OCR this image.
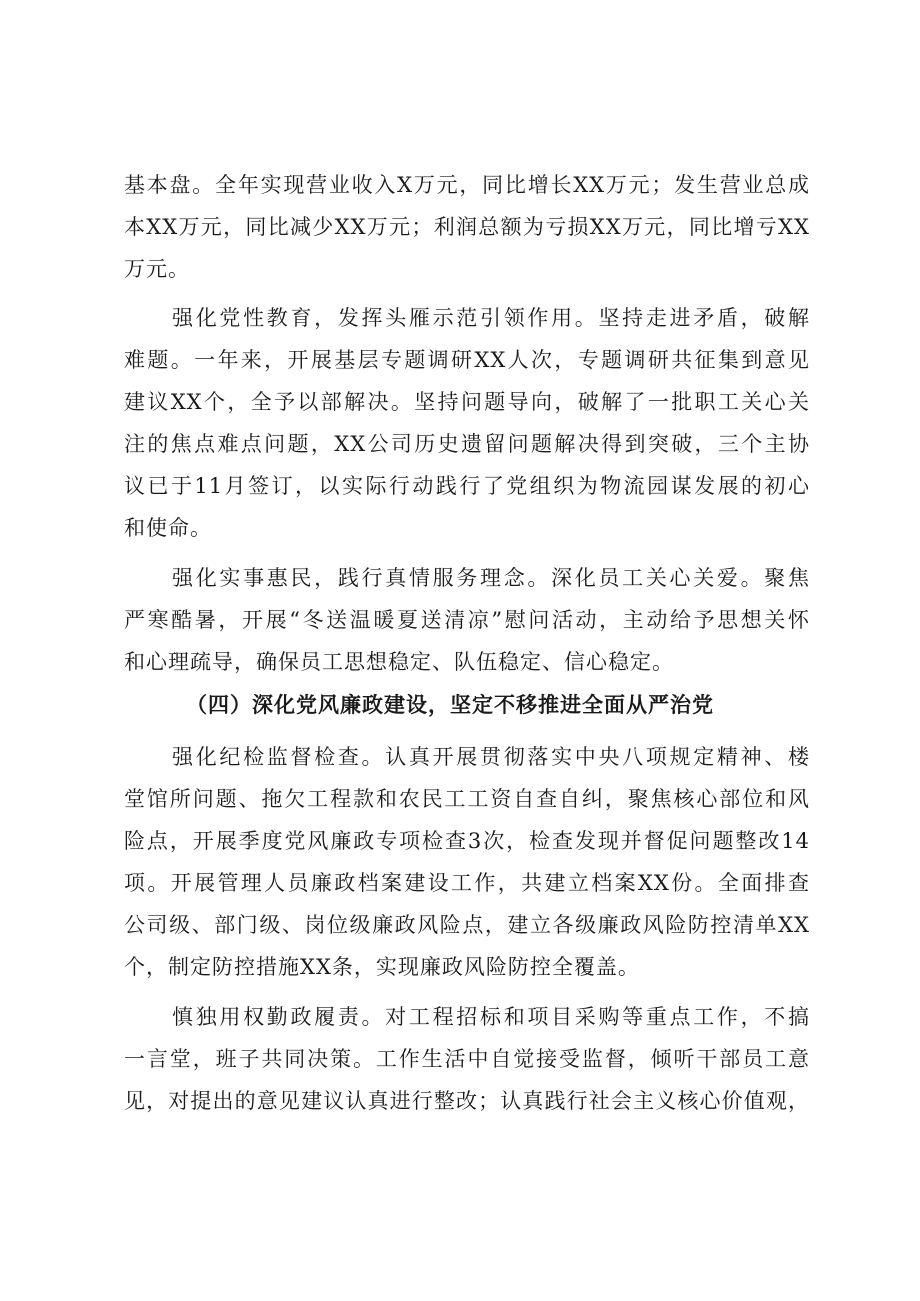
基本盘。全年实现营业收入X万元，同比增长XX万元；发生营业总成
本XX万元，同比减少XX万元；利润总额为亏损XX万元，同比增亏XX
万元。
强化党性教育，发挥头雁示范引领作用。坚持走进矛盾，破解
难题。一年来，开展基层专题调研XX人次，专题调研共征集到意见
建议XX个，全予以部解决。坚持问题导向，破解了一批职工关心关
注的焦点难点问题，XX公司历史遗留问题解决得到突破，三个主协
议已于11月签订，以实际行动践行了党组织为物流园谋发展的初心
和使命。
强化实事惠民，践行真情服务理念。深化员工关心关爱。聚焦
严寒酷暑，开展“冬送温暖夏送清凉”慰问活动，主动给予思想关怀
和心理疏导，确保员工思想稳定、队伍稳定、信心稳定。
（四）深化党风廉政建设，坚定不移推进全面从严治党
强化纪检监督检查。认真开展贯彻落实中央八项规定精神、楼
堂馆所问题、拖欠工程款和农民工工资自查自纠，聚焦核心部位和风
险点，开展季度党风廉政专项检查3次，检查发现并督促问题整改14
项。开展管理人员廉政档案建设工作，共建立档案XX份。全面排查
公司级、部门级、岗位级廉政风险点，建立各级廉政风险防控清单XX
个，制定防控措施XX条，实现廉政风险防控全覆盖。
慎独用权勤政履责。对工程招标和项目采购等重点工作，不搞
一言堂，班子共同决策。工作生活中自觉接受监督，倾听干部员工意
见，对提出的意见建议认真进行整改；认真践行社会主义核心价值观，
